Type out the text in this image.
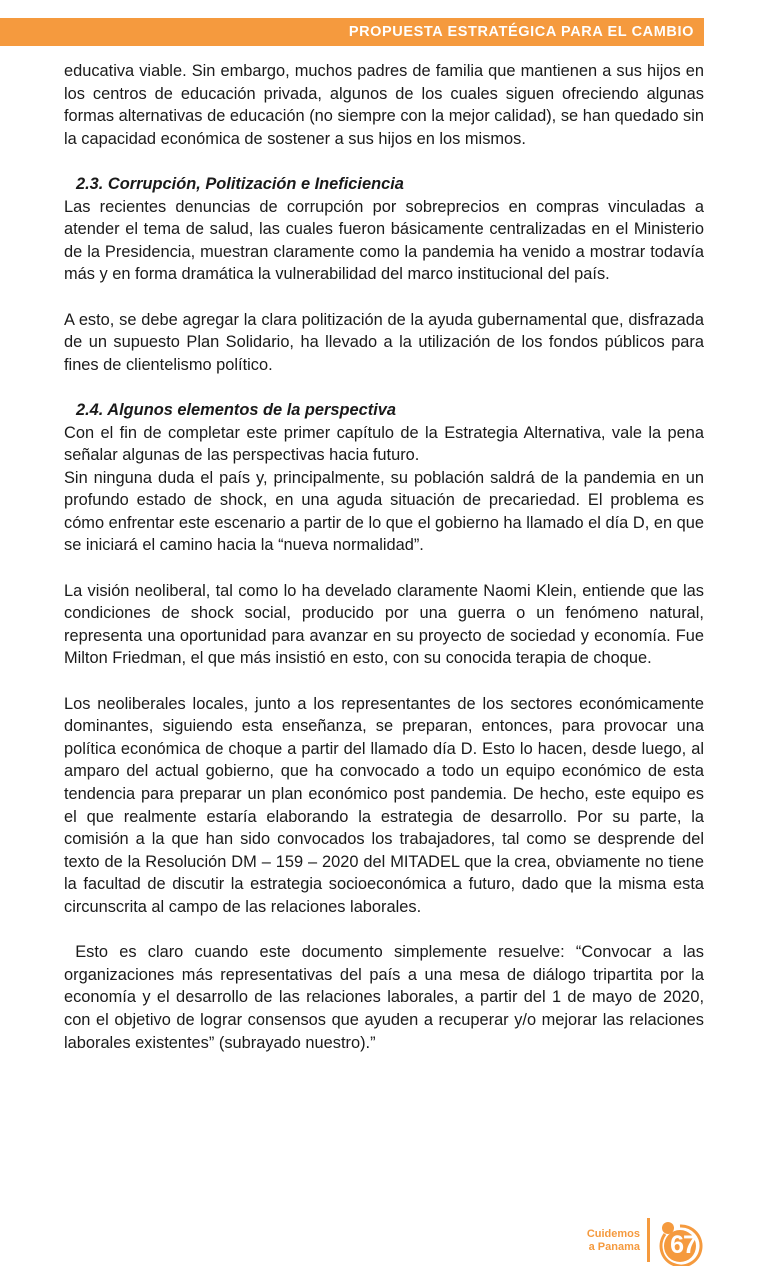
PROPUESTA ESTRATÉGICA PARA EL CAMBIO

educativa viable. Sin embargo, muchos padres de familia que mantienen a sus hijos en los centros de educación privada, algunos de los cuales siguen ofreciendo algunas formas alternativas de educación (no siempre con la mejor calidad), se han quedado sin la capacidad económica de sostener a sus hijos en los mismos.

2.3. Corrupción, Politización e Ineficiencia

Las recientes denuncias de corrupción por sobreprecios en compras vinculadas a atender el tema de salud, las cuales fueron básicamente centralizadas en el Ministerio de la Presidencia, muestran claramente como la pandemia ha venido a mostrar todavía más y en forma dramática la vulnerabilidad del marco institucional del país.

A esto, se debe agregar la clara politización de la ayuda gubernamental que, disfrazada de un supuesto Plan Solidario, ha llevado a la utilización de los fondos públicos para fines de clientelismo político.

2.4. Algunos elementos de la perspectiva

Con el fin de completar este primer capítulo de la Estrategia Alternativa, vale la pena señalar algunas de las perspectivas hacia futuro.

Sin ninguna duda el país y, principalmente, su población saldrá de la pandemia en un profundo estado de shock, en una aguda situación de precariedad. El problema es cómo enfrentar este escenario a partir de lo que el gobierno ha llamado el día D, en que se iniciará el camino hacia la “nueva normalidad”.

La visión neoliberal, tal como lo ha develado claramente Naomi Klein, entiende que las condiciones de shock social, producido por una guerra o un fenómeno natural, representa una oportunidad para avanzar en su proyecto de sociedad y economía. Fue Milton Friedman, el que más insistió en esto, con su conocida terapia de choque.

Los neoliberales locales, junto a los representantes de los sectores económicamente dominantes, siguiendo esta enseñanza, se preparan, entonces, para provocar una política económica de choque a partir del llamado día D. Esto lo hacen, desde luego, al amparo del actual gobierno, que ha convocado a todo un equipo económico de esta tendencia para preparar un plan económico post pandemia. De hecho, este equipo es el que realmente estaría elaborando la estrategia de desarrollo. Por su parte, la comisión a la que han sido convocados los trabajadores, tal como se desprende del texto de la Resolución DM – 159 – 2020 del MITADEL que la crea, obviamente no tiene la facultad de discutir la estrategia socioeconómica a futuro, dado que la misma esta circunscrita al campo de las relaciones laborales.

Esto es claro cuando este documento simplemente resuelve: “Convocar a las organizaciones más representativas del país a una mesa de diálogo tripartita por la economía y el desarrollo de las relaciones laborales, a partir del 1 de mayo de 2020, con el objetivo de lograr consensos que ayuden a recuperar y/o mejorar las relaciones laborales existentes” (subrayado nuestro).”

Cuidemos
a Panama 67
